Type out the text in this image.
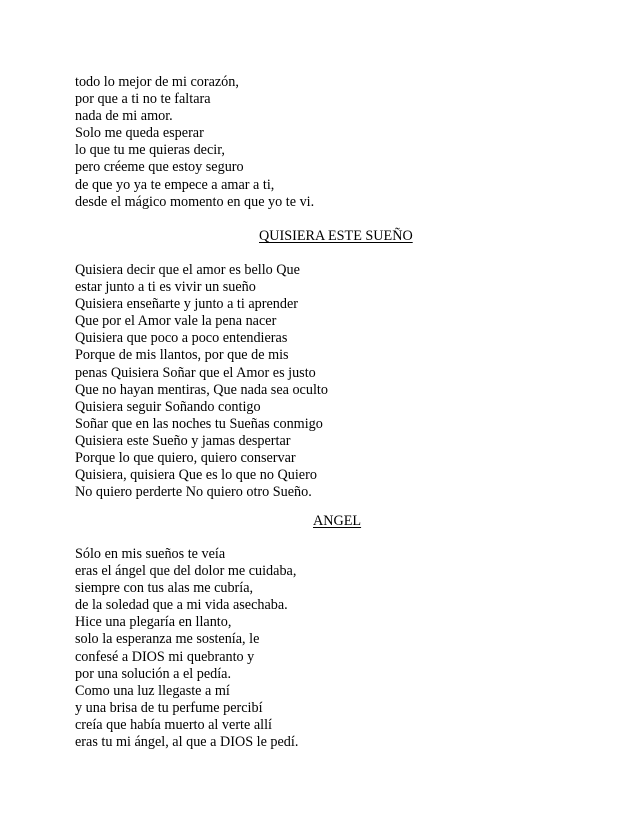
todo lo mejor de mi corazón,
por que a ti no te faltara
nada de mi amor.
Solo me queda esperar
lo que tu me quieras decir,
pero créeme que estoy seguro
de que yo ya te empece a amar a ti,
desde el mágico momento en que yo te vi.
QUISIERA ESTE SUEÑO
Quisiera decir que el amor es bello Que
estar junto a ti es vivir un sueño
Quisiera enseñarte y junto a ti aprender
Que por el Amor vale la pena nacer
Quisiera que poco a poco entendieras
Porque de mis llantos, por que de mis
penas Quisiera Soñar que el Amor es justo
Que no hayan mentiras, Que nada sea oculto
Quisiera seguir Soñando contigo
Soñar que en las noches tu Sueñas conmigo
Quisiera este Sueño y jamas despertar
Porque lo que quiero, quiero conservar
Quisiera, quisiera Que es lo que no Quiero
No quiero perderte No quiero otro Sueño.
ANGEL
Sólo en mis sueños te veía
eras el ángel que del dolor me cuidaba,
siempre con tus alas me cubría,
de la soledad que a mi vida asechaba.
Hice una plegaría en llanto,
solo la esperanza me sostenía, le
confesé a DIOS mi quebranto y
por una solución a el pedía.
Como una luz llegaste a mí
y una brisa de tu perfume percibí
creía que había muerto al verte allí
eras tu mi ángel, al que a DIOS le pedí.
